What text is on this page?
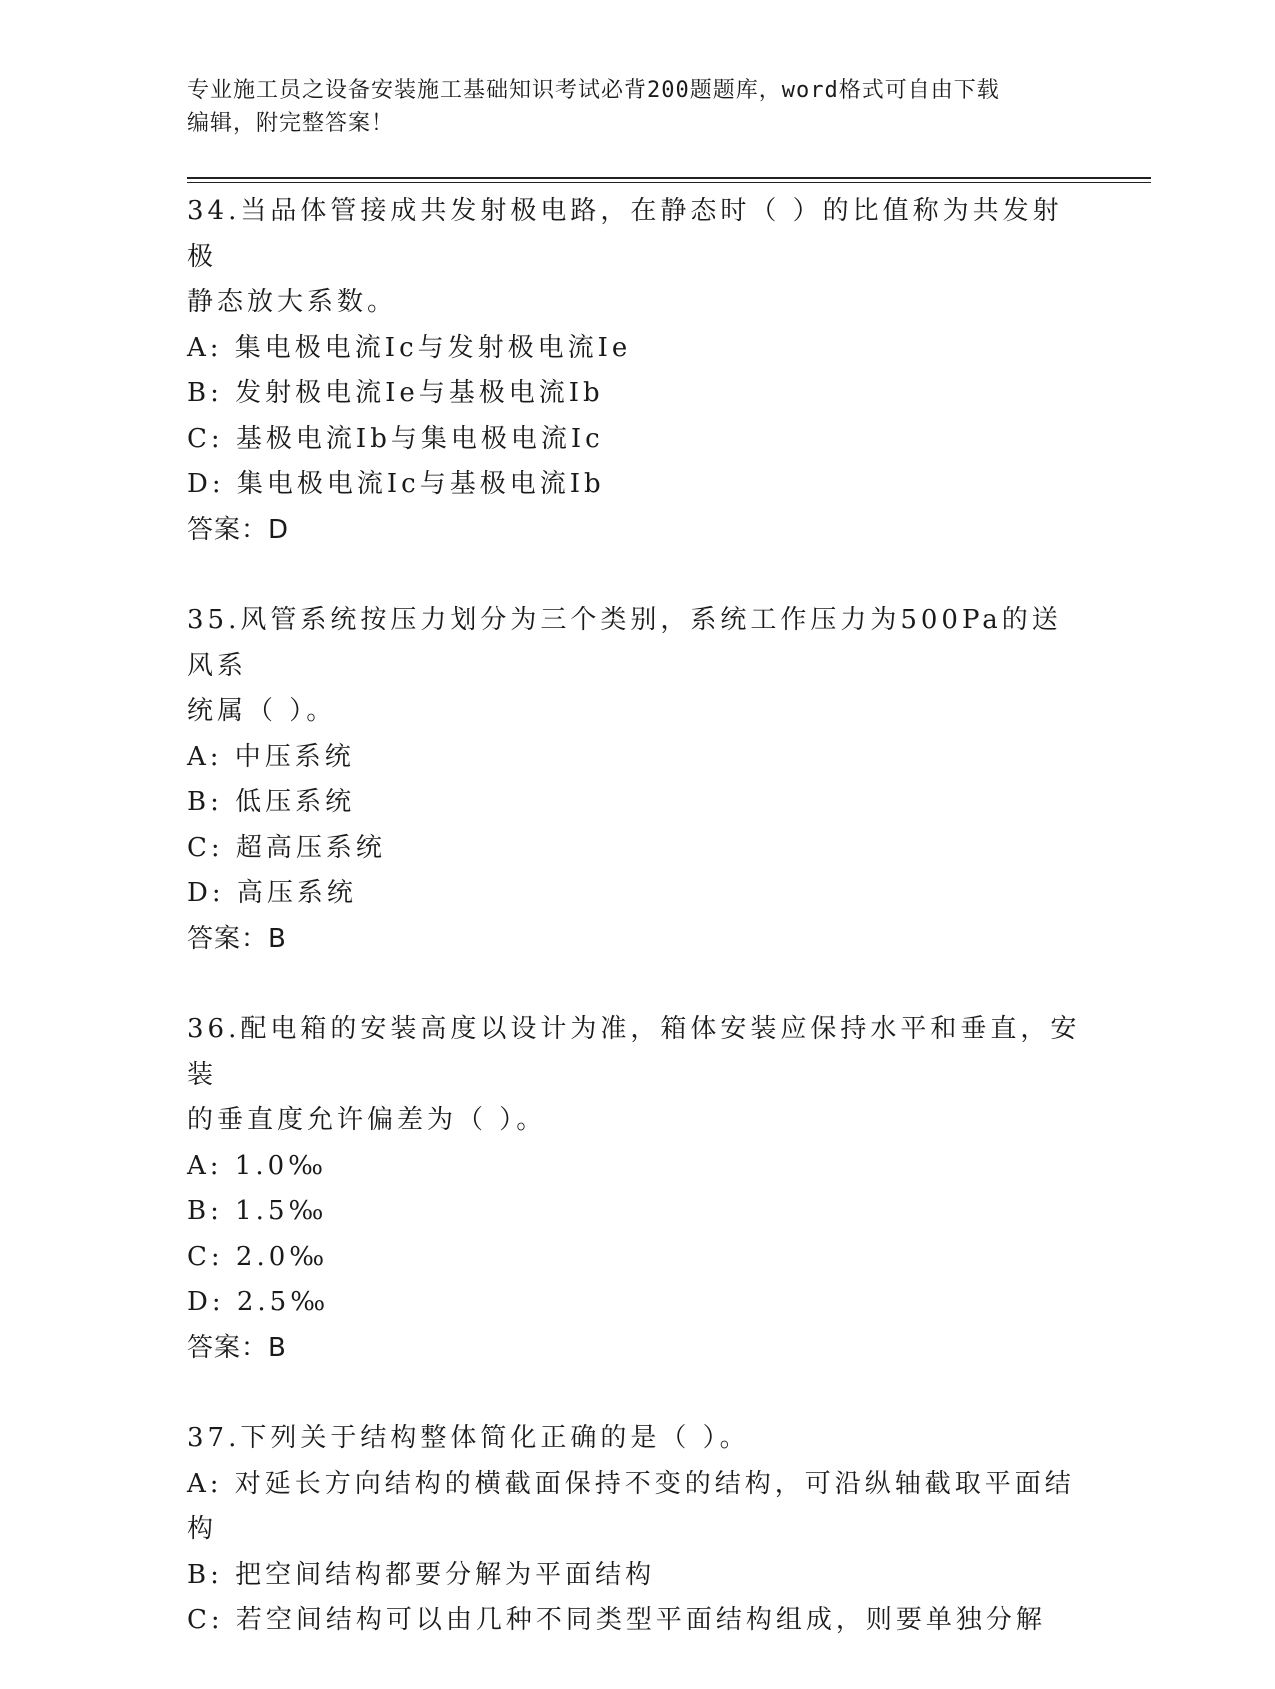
专业施工员之设备安装施工基础知识考试必背200题题库，word格式可自由下载
编辑，附完整答案！
34.当品体管接成共发射极电路，在静态时（ ）的比值称为共发射极
静态放大系数。
A: 集电极电流Ic与发射极电流Ie
B: 发射极电流Ie与基极电流Ib
C: 基极电流Ib与集电极电流Ic
D: 集电极电流Ic与基极电流Ib
答案：D
35.风管系统按压力划分为三个类别，系统工作压力为500Pa的送风系
统属（ ）。
A: 中压系统
B: 低压系统
C: 超高压系统
D: 高压系统
答案：B
36.配电箱的安装高度以设计为准，箱体安装应保持水平和垂直，安装
的垂直度允许偏差为（ ）。
A: 1.0‰
B: 1.5‰
C: 2.0‰
D: 2.5‰
答案：B
37.下列关于结构整体简化正确的是（ ）。
A: 对延长方向结构的横截面保持不变的结构，可沿纵轴截取平面结构
B: 把空间结构都要分解为平面结构
C: 若空间结构可以由几种不同类型平面结构组成，则要单独分解
